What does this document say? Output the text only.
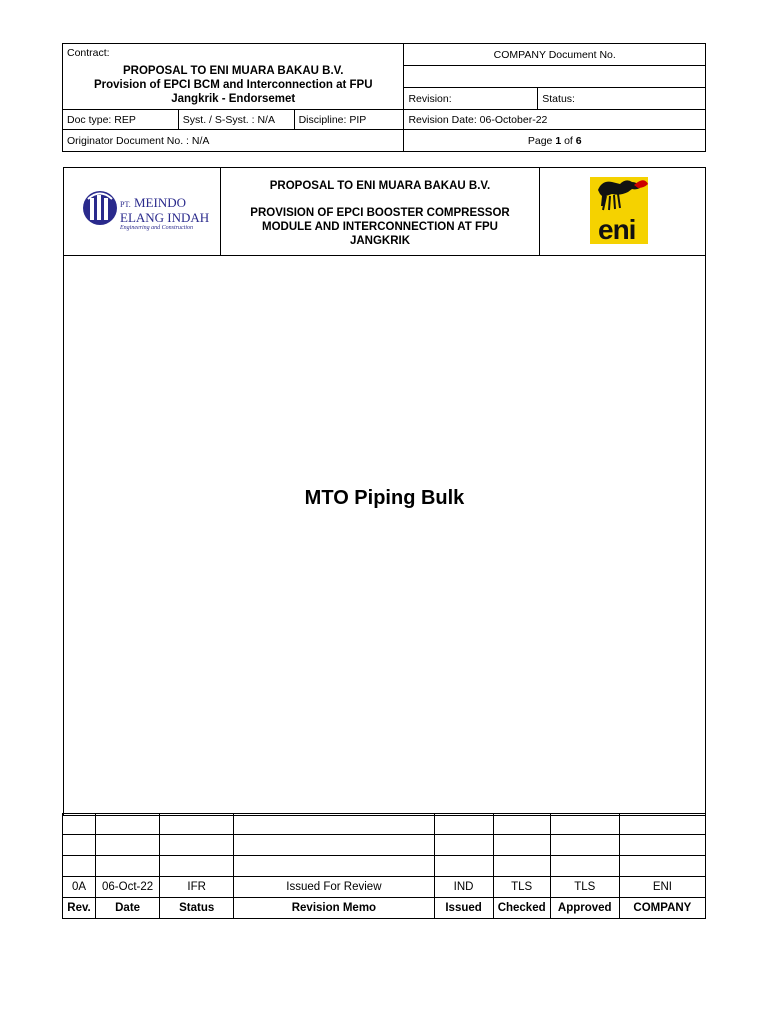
Contract:
PROPOSAL TO ENI MUARA BAKAU B.V.
Provision of EPCI BCM and Interconnection at FPU
Jangkrik - Endorsemet			COMPANY Document No.	

			Revision:	Status:
Doc type: REP	Syst. / S-Syst. : N/A	Discipline: PIP	Revision Date: 06-October-22	
Originator Document No. : N/A			Page 1 of 6	
PT. MEINDO
ELANG INDAH
Engineering and Construction
PROPOSAL TO ENI MUARA BAKAU B.V.
PROVISION OF EPCI BOOSTER COMPRESSOR MODULE AND INTERCONNECTION AT FPU JANGKRIK	eni
MTO Piping Bulk

0A	06-Oct-22	IFR	Issued For Review	IND	TLS	TLS	ENI
Rev.	Date	Status	Revision Memo	Issued	Checked	Approved	COMPANY
